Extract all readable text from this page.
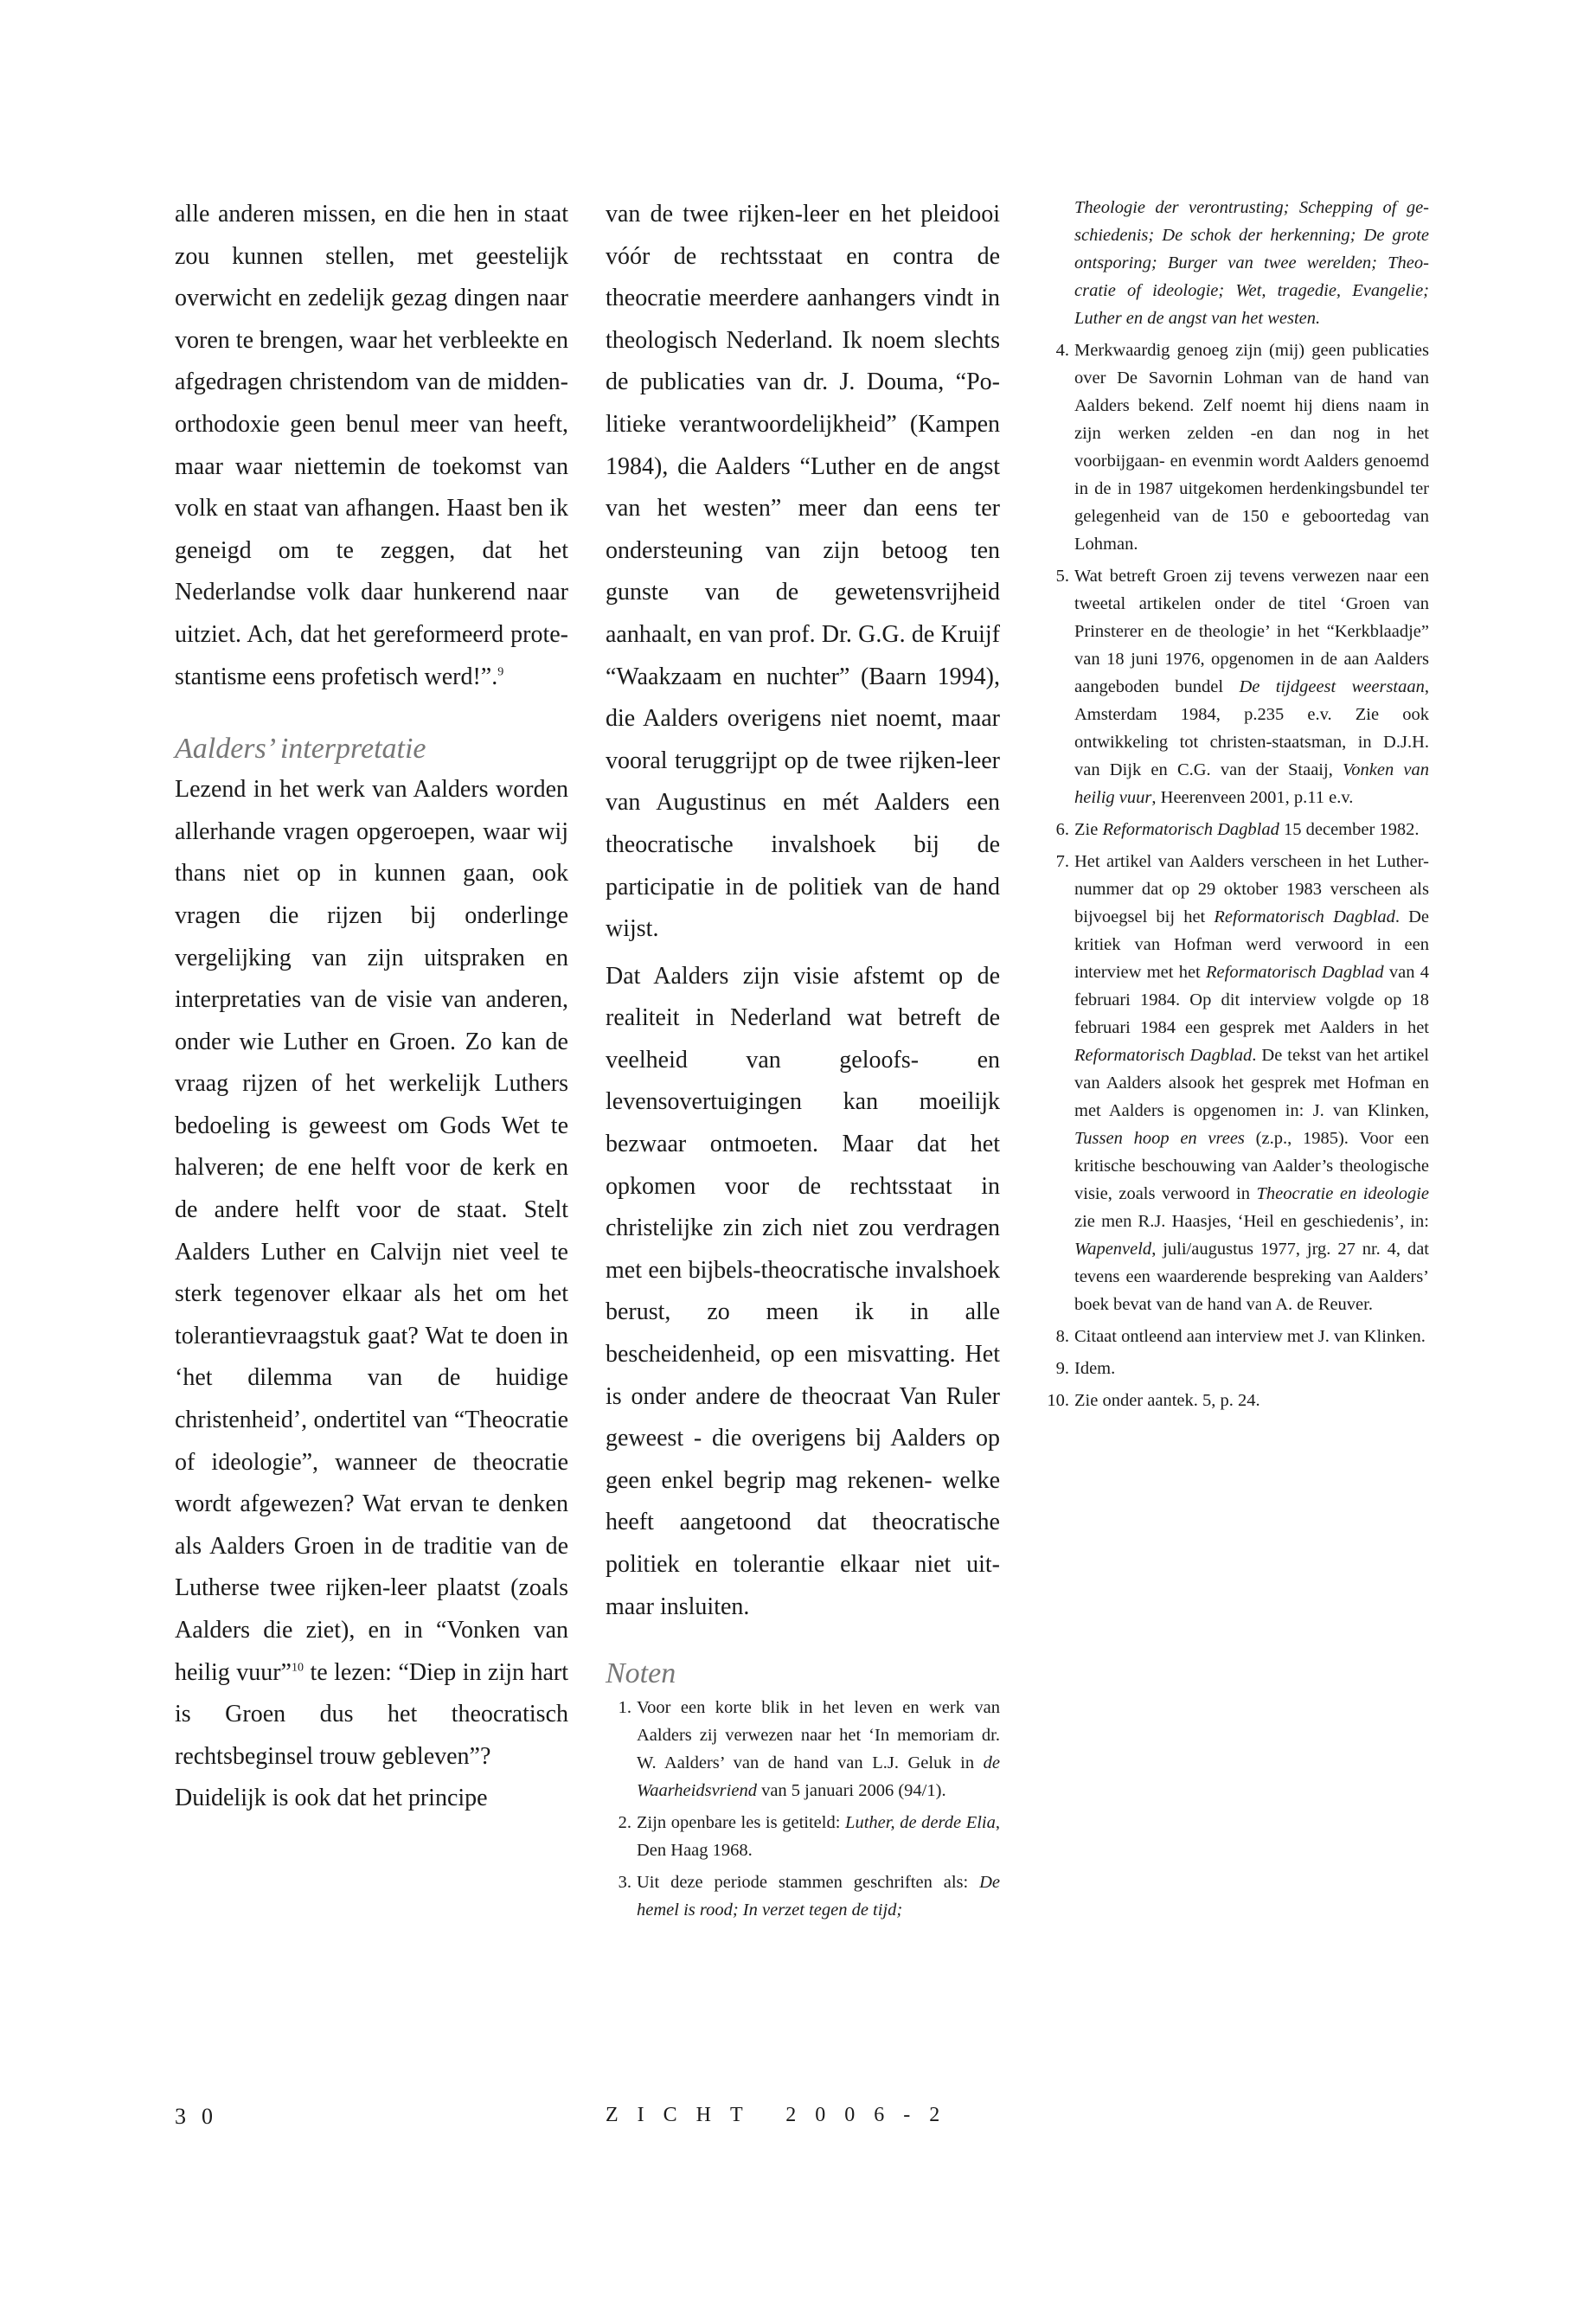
alle anderen missen, en die hen in staat zou kunnen stellen, met geestelijk overwicht en zedelijk gezag dingen naar voren te brengen, waar het verbleekte en afgedragen christendom van de midden-orthodoxie geen benul meer van heeft, maar waar niettemin de toekomst van volk en staat van afhangen. Haast ben ik geneigd om te zeggen, dat het Nederlandse volk daar hunkerend naar uitziet. Ach, dat het gereformeerd protestantisme eens profetisch werd!”.$^9$

Aalders’ interpretatie

Lezend in het werk van Aalders worden allerhande vragen opgeroepen, waar wij thans niet op in kunnen gaan, ook vragen die rijzen bij onderlinge vergelijking van zijn uitspraken en interpretaties van de visie van anderen, onder wie Luther en Groen. Zo kan de vraag rijzen of het werkelijk Luthers bedoeling is geweest om Gods Wet te halveren; de ene helft voor de kerk en de andere helft voor de staat. Stelt Aalders Luther en Calvijn niet veel te sterk tegenover elkaar als het om het tolerantievraagstuk gaat? Wat te doen in ‘het dilemma van de huidige christenheid’, ondertitel van “Theocratie of ideologie”, wanneer de theocratie wordt afgewezen? Wat ervan te denken als Aalders Groen in de traditie van de Lutherse twee rijken-leer plaatst (zoals Aalders die ziet), en in “Vonken van heilig vuur”$^{10}$ te lezen: “Diep in zijn hart is Groen dus het theocratisch rechtsbeginsel trouw gebleven”?

Duidelijk is ook dat het principe

van de twee rijken-leer en het pleidooi vóór de rechtsstaat en contra de theocratie meerdere aanhangers vindt in theologisch Nederland. Ik noem slechts de publicaties van dr. J. Douma, “Politieke verantwoordelijkheid” (Kampen 1984), die Aalders “Luther en de angst van het westen” meer dan eens ter ondersteuning van zijn betoog ten gunste van de gewetensvrijheid aanhaalt, en van prof. Dr. G.G. de Kruijf “Waakzaam en nuchter” (Baarn 1994), die Aalders overigens niet noemt, maar vooral teruggrijpt op de twee rijken-leer van Augustinus en mét Aalders een theocratische invalshoek bij de participatie in de politiek van de hand wijst.

Dat Aalders zijn visie afstemt op de realiteit in Nederland wat betreft de veelheid van geloofs- en levensovertuigingen kan moeilijk bezwaar ontmoeten. Maar dat het opkomen voor de rechtsstaat in christelijke zin zich niet zou verdragen met een bijbels-theocratische invalshoek berust, zo meen ik in alle bescheidenheid, op een misvatting. Het is onder andere de theocraat Van Ruler geweest - die overigens bij Aalders op geen enkel begrip mag rekenen- welke heeft aangetoond dat theocratische politiek en tolerantie elkaar niet uit- maar insluiten.

Noten
1. Voor een korte blik in het leven en werk van Aalders zij verwezen naar het ‘In memoriam dr. W. Aalders’ van de hand van L.J. Geluk in de Waarheidsvriend van 5 januari 2006 (94/1).
2. Zijn openbare les is getiteld: Luther, de derde Elia, Den Haag 1968.
3. Uit deze periode stammen geschriften als: De hemel is rood; In verzet tegen de tijd;

Theologie der verontrusting; Schepping of geschiedenis; De schok der herkenning; De grote ontsporing; Burger van twee werelden; Theocratie of ideologie; Wet, tragedie, Evangelie; Luther en de angst van het westen.

4. Merkwaardig genoeg zijn (mij) geen publicaties over De Savornin Lohman van de hand van Aalders bekend. Zelf noemt hij diens naam in zijn werken zelden -en dan nog in het voorbijgaan- en evenmin wordt Aalders genoemd in de in 1987 uitgekomen herdenkingsbundel ter gelegenheid van de 150 e geboortedag van Lohman.
5. Wat betreft Groen zij tevens verwezen naar een tweetal artikelen onder de titel ‘Groen van Prinsterer en de theologie’ in het “Kerkblaadje” van 18 juni 1976, opgenomen in de aan Aalders aangeboden bundel De tijdgeest weerstaan, Amsterdam 1984, p.235 e.v. Zie ook ontwikkeling tot christen-staatsman, in D.J.H. van Dijk en C.G. van der Staaij, Vonken van heilig vuur, Heerenveen 2001, p.11 e.v.
6. Zie Reformatorisch Dagblad 15 december 1982.
7. Het artikel van Aalders verscheen in het Luther-nummer dat op 29 oktober 1983 verscheen als bijvoegsel bij het Reformatorisch Dagblad. De kritiek van Hofman werd verwoord in een interview met het Reformatorisch Dagblad van 4 februari 1984. Op dit interview volgde op 18 februari 1984 een gesprek met Aalders in het Reformatorisch Dagblad. De tekst van het artikel van Aalders alsook het gesprek met Hofman en met Aalders is opgenomen in: J. van Klinken, Tussen hoop en vrees (z.p., 1985). Voor een kritische beschouwing van Aalder’s theologische visie, zoals verwoord in Theocratie en ideologie zie men R.J. Haasjes, ‘Heil en geschiedenis’, in: Wapenveld, juli/augustus 1977, jrg. 27 nr. 4, dat tevens een waarderende bespreking van Aalders’ boek bevat van de hand van A. de Reuver.
8. Citaat ontleend aan interview met J. van Klinken.
9. Idem.
10. Zie onder aantek. 5, p. 24.
30	ZICHT 2006-2
